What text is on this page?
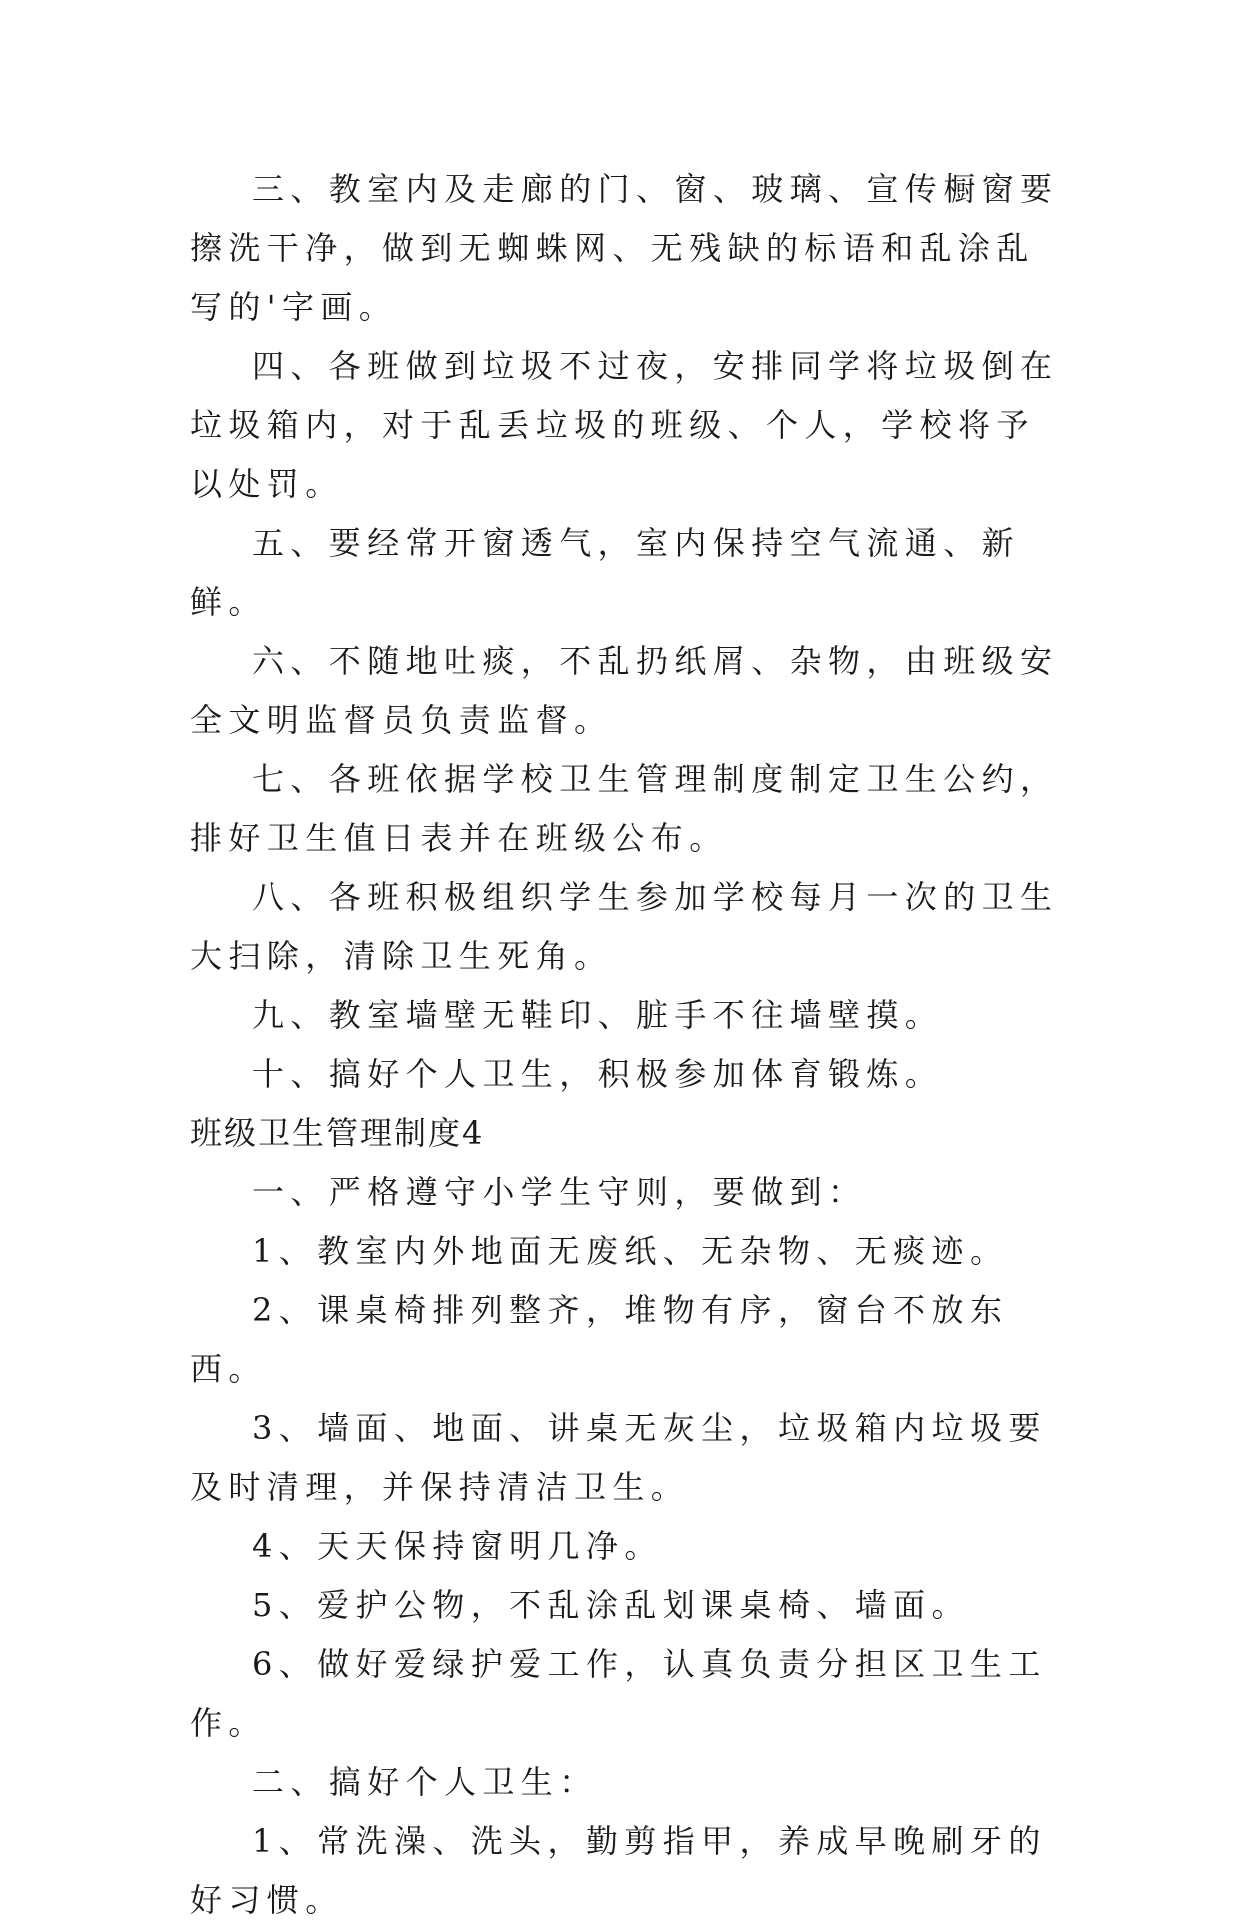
三、教室内及走廊的门、窗、玻璃、宣传橱窗要擦洗干净，做到无蜘蛛网、无残缺的标语和乱涂乱写的'字画。

四、各班做到垃圾不过夜，安排同学将垃圾倒在垃圾箱内，对于乱丢垃圾的班级、个人，学校将予以处罚。

五、要经常开窗透气，室内保持空气流通、新鲜。

六、不随地吐痰，不乱扔纸屑、杂物，由班级安全文明监督员负责监督。

七、各班依据学校卫生管理制度制定卫生公约，排好卫生值日表并在班级公布。

八、各班积极组织学生参加学校每月一次的卫生大扫除，清除卫生死角。

九、教室墙壁无鞋印、脏手不往墙壁摸。

十、搞好个人卫生，积极参加体育锻炼。

班级卫生管理制度4

一、严格遵守小学生守则，要做到：

1、教室内外地面无废纸、无杂物、无痰迹。

2、课桌椅排列整齐，堆物有序，窗台不放东西。

3、墙面、地面、讲桌无灰尘，垃圾箱内垃圾要及时清理，并保持清洁卫生。

4、天天保持窗明几净。

5、爱护公物，不乱涂乱划课桌椅、墙面。

6、做好爱绿护爱工作，认真负责分担区卫生工作。

二、搞好个人卫生：

1、常洗澡、洗头，勤剪指甲，养成早晚刷牙的好习惯。
